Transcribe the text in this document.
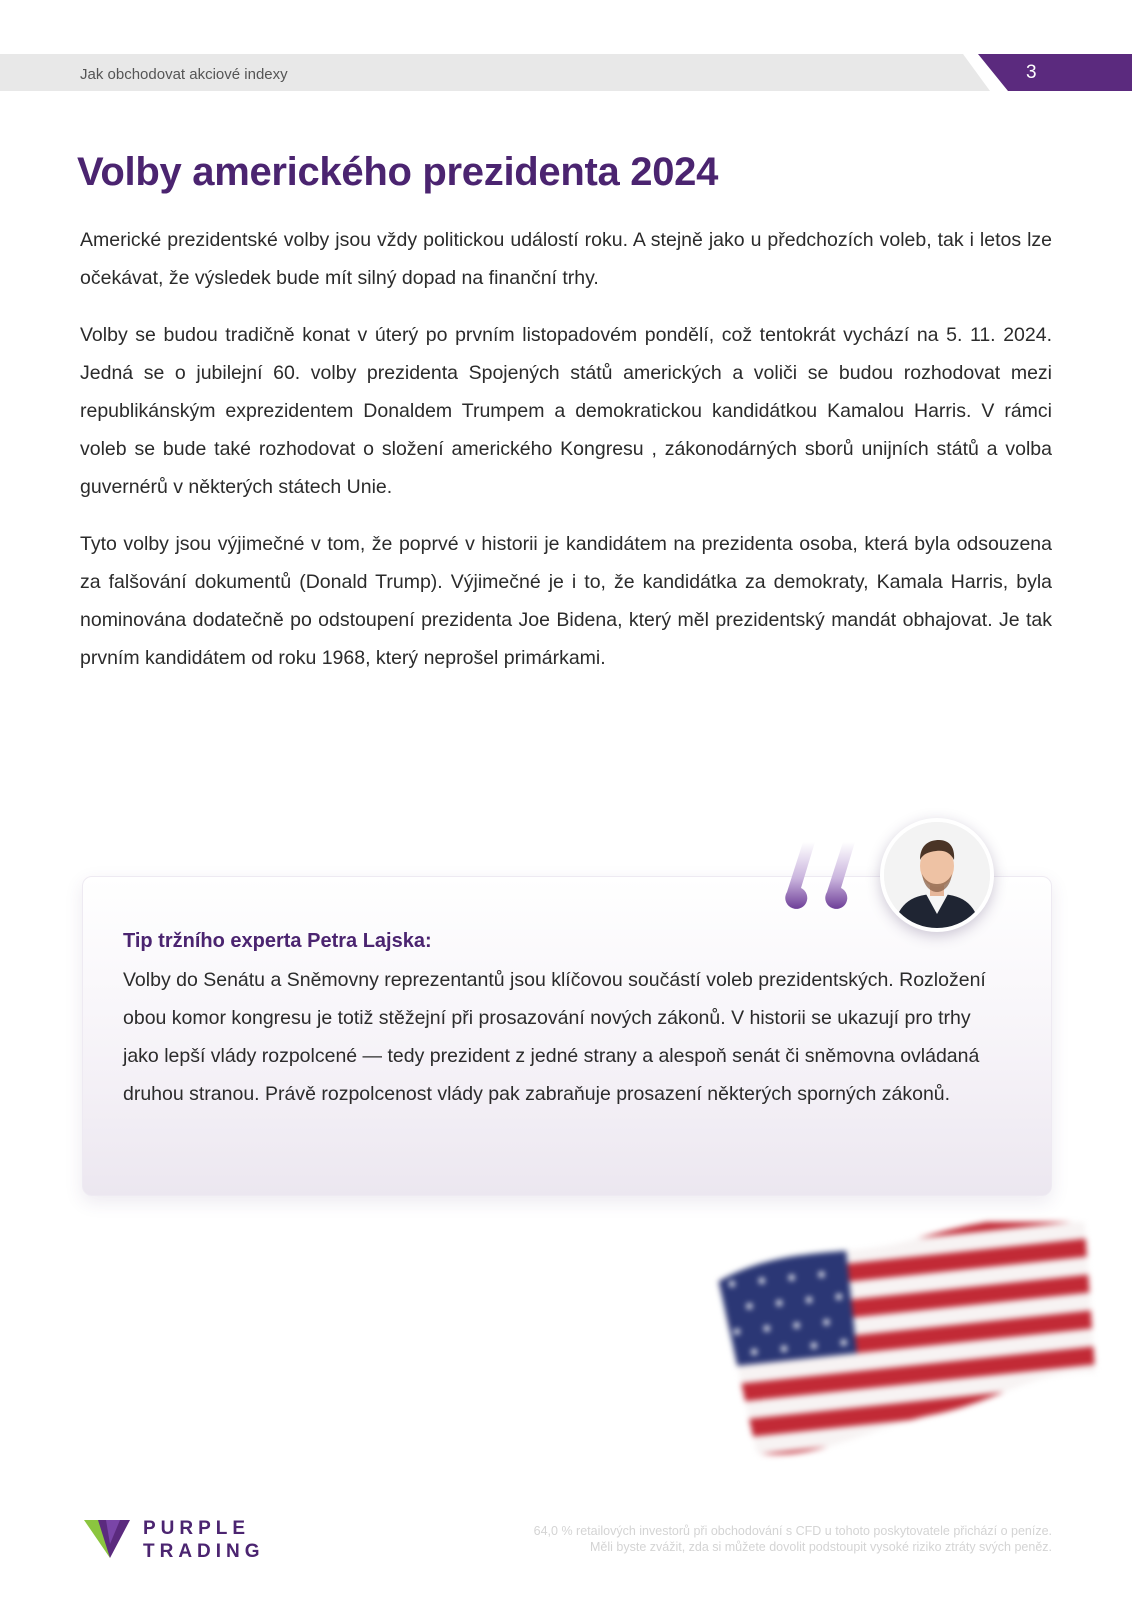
Jak obchodovat akciové indexy	3
Volby amerického prezidenta 2024

Americké prezidentské volby jsou vždy politickou událostí roku. A stejně jako u předchozích voleb, tak i letos lze očekávat, že výsledek bude mít silný dopad na finanční trhy.

Volby se budou tradičně konat v úterý po prvním listopadovém pondělí, což tentokrát vychází na 5. 11. 2024. Jedná se o jubilejní 60. volby prezidenta Spojených států amerických a voliči se budou rozhodovat mezi republikánským exprezidentem Donaldem Trumpem a demokratickou kandidátkou Kamalou Harris. V rámci voleb se bude také rozhodovat o složení amerického Kongresu , zákonodárných sborů unijních států a volba guvernérů v některých státech Unie.

Tyto volby jsou výjimečné v tom, že poprvé v historii je kandidátem na prezidenta osoba, která byla odsouzena za falšování dokumentů (Donald Trump). Výjimečné je i to, že kandidátka za demokraty, Kamala Harris, byla nominována dodatečně po odstoupení prezidenta Joe Bidena, který měl prezidentský mandát obhajovat. Je tak prvním kandidátem od roku 1968, který neprošel primárkami.

Tip tržního experta Petra Lajska:
Volby do Senátu a Sněmovny reprezentantů jsou klíčovou součástí voleb prezidentských. Rozložení obou komor kongresu je totiž stěžejní při prosazování nových zákonů. V historii se ukazují pro trhy jako lepší vlády rozpolcené — tedy prezident z jedné strany a alespoň senát či sněmovna ovládaná druhou stranou. Právě rozpolcenost vlády pak zabraňuje prosazení některých sporných zákonů.
PURPLE
TRADING
64,0 % retailových investorů při obchodování s CFD u tohoto poskytovatele přichází o peníze.
Měli byste zvážit, zda si můžete dovolit podstoupit vysoké riziko ztráty svých peněz.
